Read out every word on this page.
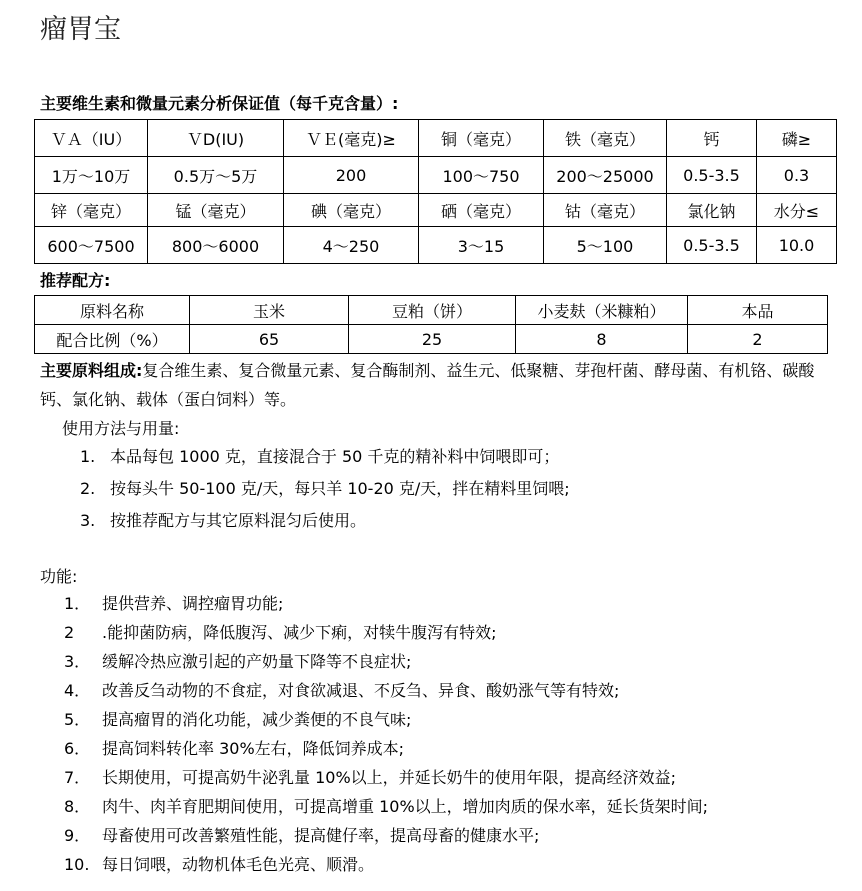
瘤胃宝
主要维生素和微量元素分析保证值（每千克含量）:
ＶＡ（IU）	ＶD(IU)	ＶＥ(毫克)≥	铜（毫克）	铁（毫克）	钙	磷≥
1万～10万	0.5万～5万	200	100～750	200～25000	0.5-3.5	0.3
锌（毫克）	锰（毫克）	碘（毫克）	硒（毫克）	钴（毫克）	氯化钠	水分≤
600～7500	800～6000	4～250	3～15	5～100	0.5-3.5	10.0
推荐配方:
原料名称	玉米	豆粕（饼）	小麦麸（米糠粕）	本品
配合比例（%）	65	25	8	2
主要原料组成:复合维生素、复合微量元素、复合酶制剂、益生元、低聚糖、芽孢杆菌、酵母菌、有机铬、碳酸钙、氯化钠、载体（蛋白饲料）等。
使用方法与用量:
1. 本品每包 1000 克，直接混合于 50 千克的精补料中饲喂即可；
2. 按每头牛 50-100 克/天，每只羊 10-20 克/天，拌在精料里饲喂;
3. 按推荐配方与其它原料混匀后使用。
功能:
1． 提供营养、调控瘤胃功能;
2 .能抑菌防病，降低腹泻、减少下痢，对犊牛腹泻有特效;
3． 缓解冷热应激引起的产奶量下降等不良症状;
4． 改善反刍动物的不食症，对食欲减退、不反刍、异食、酸奶涨气等有特效;
5． 提高瘤胃的消化功能，减少粪便的不良气味;
6． 提高饲料转化率 30%左右，降低饲养成本;
7． 长期使用，可提高奶牛泌乳量 10%以上，并延长奶牛的使用年限，提高经济效益;
8． 肉牛、肉羊育肥期间使用，可提高增重 10%以上，增加肉质的保水率，延长货架时间;
9． 母畜使用可改善繁殖性能，提高健仔率，提高母畜的健康水平;
10. 每日饲喂，动物机体毛色光亮、顺滑。
